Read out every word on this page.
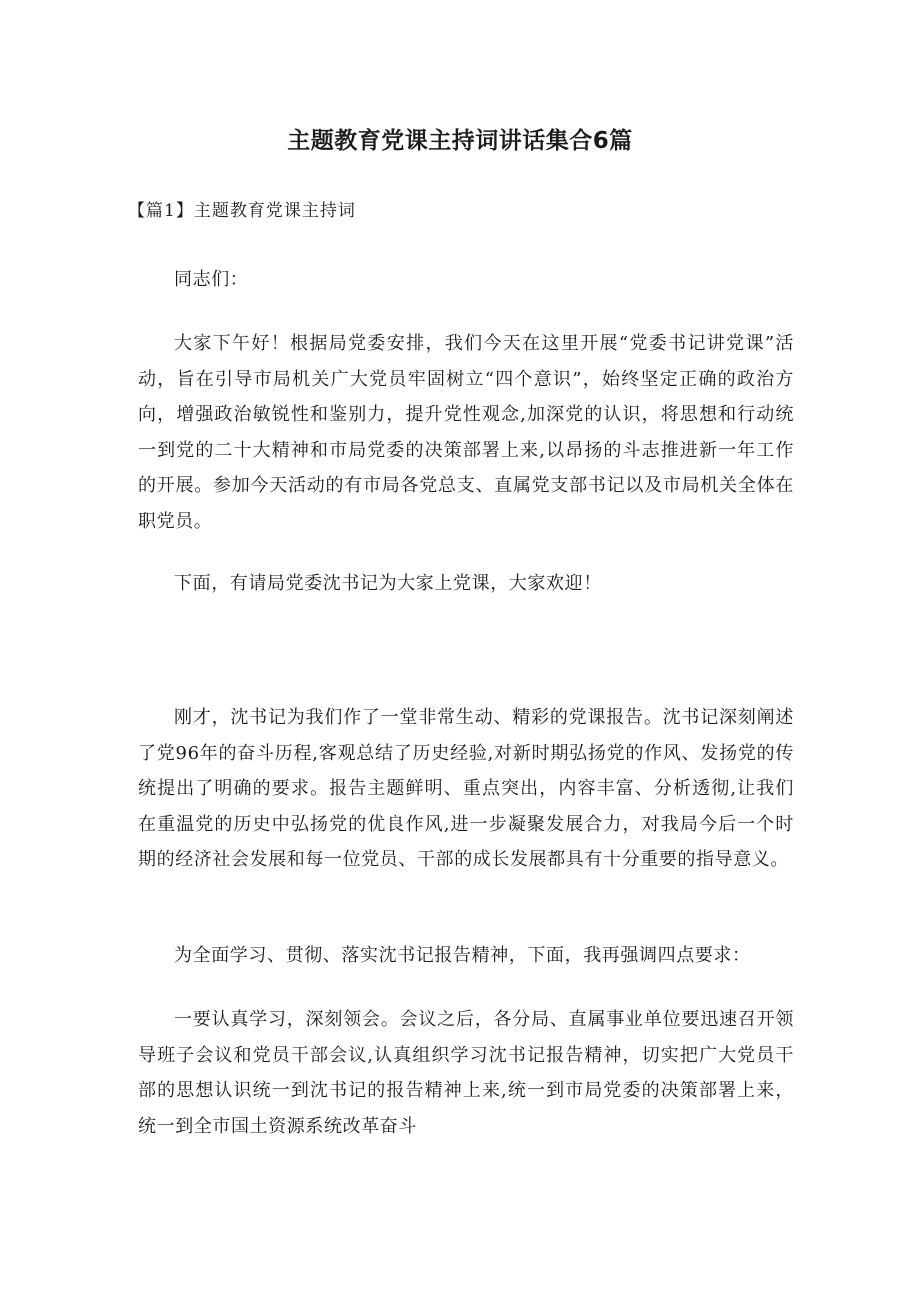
主题教育党课主持词讲话集合6篇
【篇1】主题教育党课主持词

同志们：

大家下午好！根据局党委安排，我们今天在这里开展“党委书记讲党课”活动，旨在引导市局机关广大党员牢固树立“四个意识”，始终坚定正确的政治方向，增强政治敏锐性和鉴别力，提升党性观念,加深党的认识，将思想和行动统一到党的二十大精神和市局党委的决策部署上来,以昂扬的斗志推进新一年工作的开展。参加今天活动的有市局各党总支、直属党支部书记以及市局机关全体在职党员。

下面，有请局党委沈书记为大家上党课，大家欢迎！

刚才，沈书记为我们作了一堂非常生动、精彩的党课报告。沈书记深刻阐述了党96年的奋斗历程,客观总结了历史经验,对新时期弘扬党的作风、发扬党的传统提出了明确的要求。报告主题鲜明、重点突出，内容丰富、分析透彻,让我们在重温党的历史中弘扬党的优良作风,进一步凝聚发展合力，对我局今后一个时期的经济社会发展和每一位党员、干部的成长发展都具有十分重要的指导意义。

为全面学习、贯彻、落实沈书记报告精神，下面，我再强调四点要求：

一要认真学习，深刻领会。会议之后，各分局、直属事业单位要迅速召开领导班子会议和党员干部会议,认真组织学习沈书记报告精神，切实把广大党员干部的思想认识统一到沈书记的报告精神上来,统一到市局党委的决策部署上来，统一到全市国土资源系统改革奋斗
